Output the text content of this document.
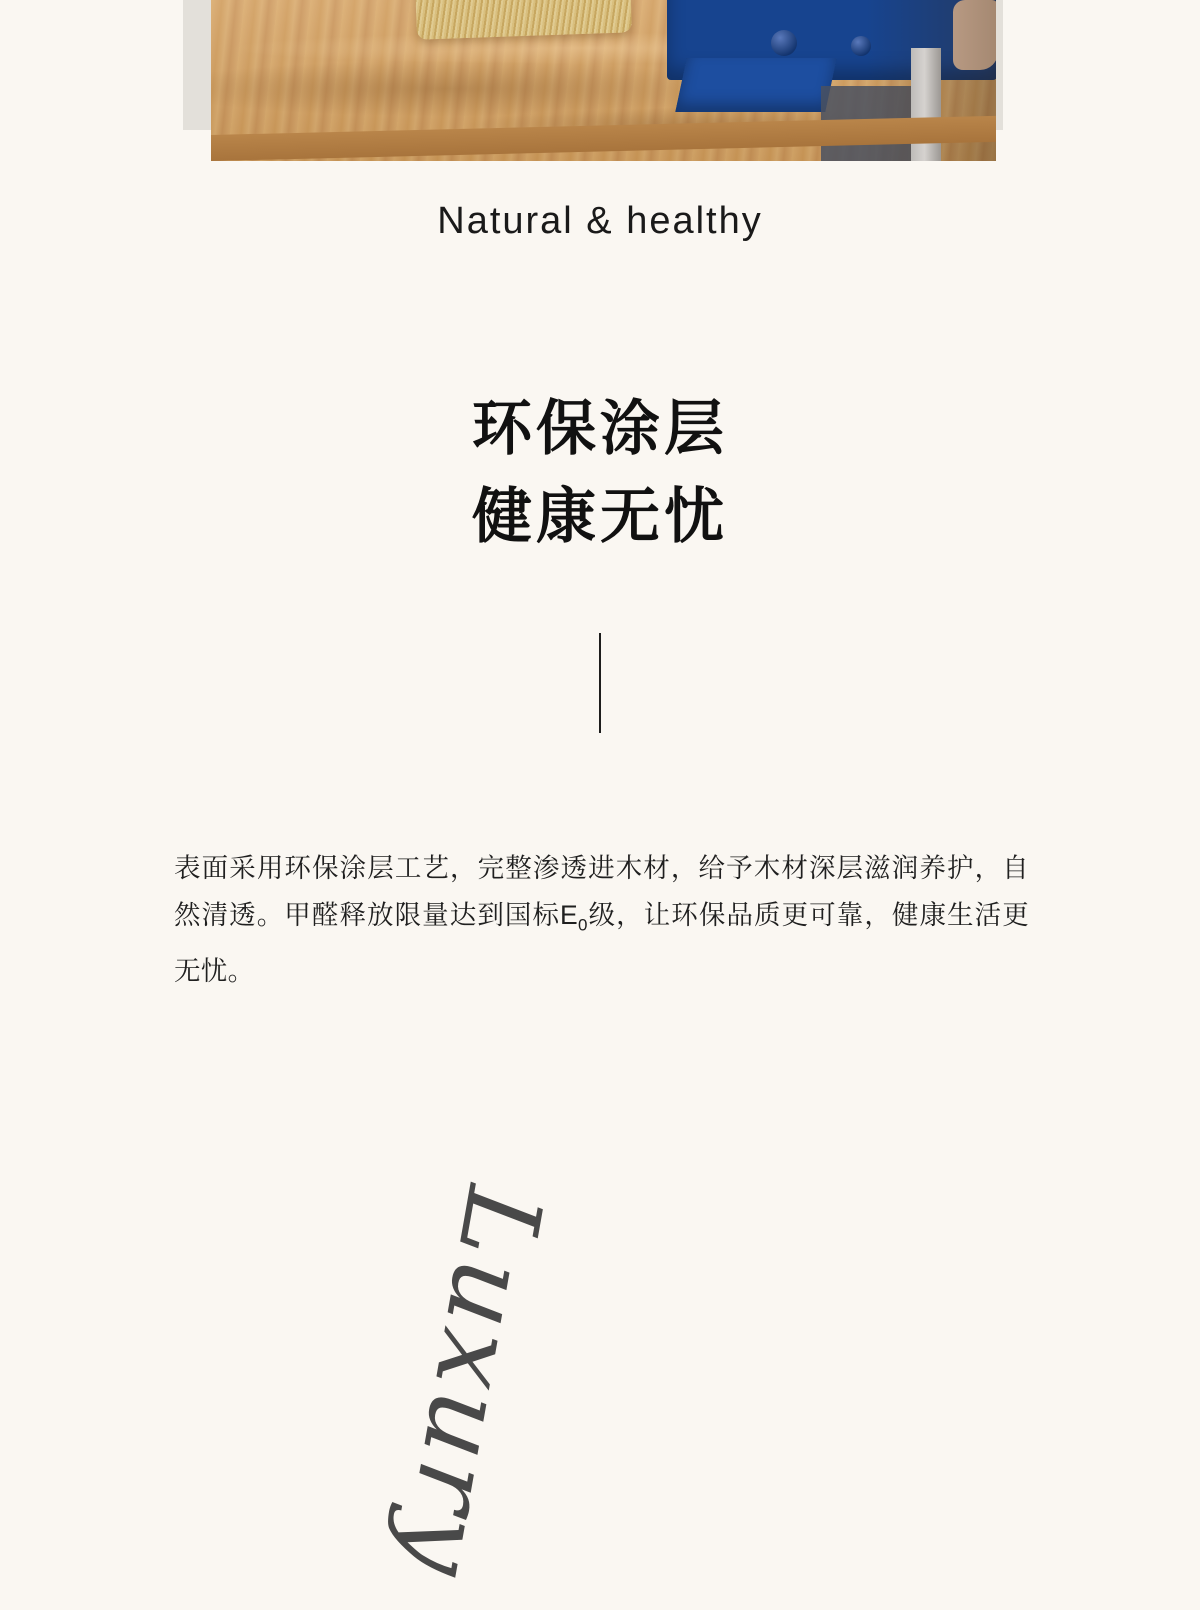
Natural & healthy
环保涂层
健康无忧

表面采用环保涂层工艺，完整渗透进木材，给予木材深层滋润养护，自然清透。甲醛释放限量达到国标$E_0$级，让环保品质更可靠，健康生活更无忧。

Luxury
